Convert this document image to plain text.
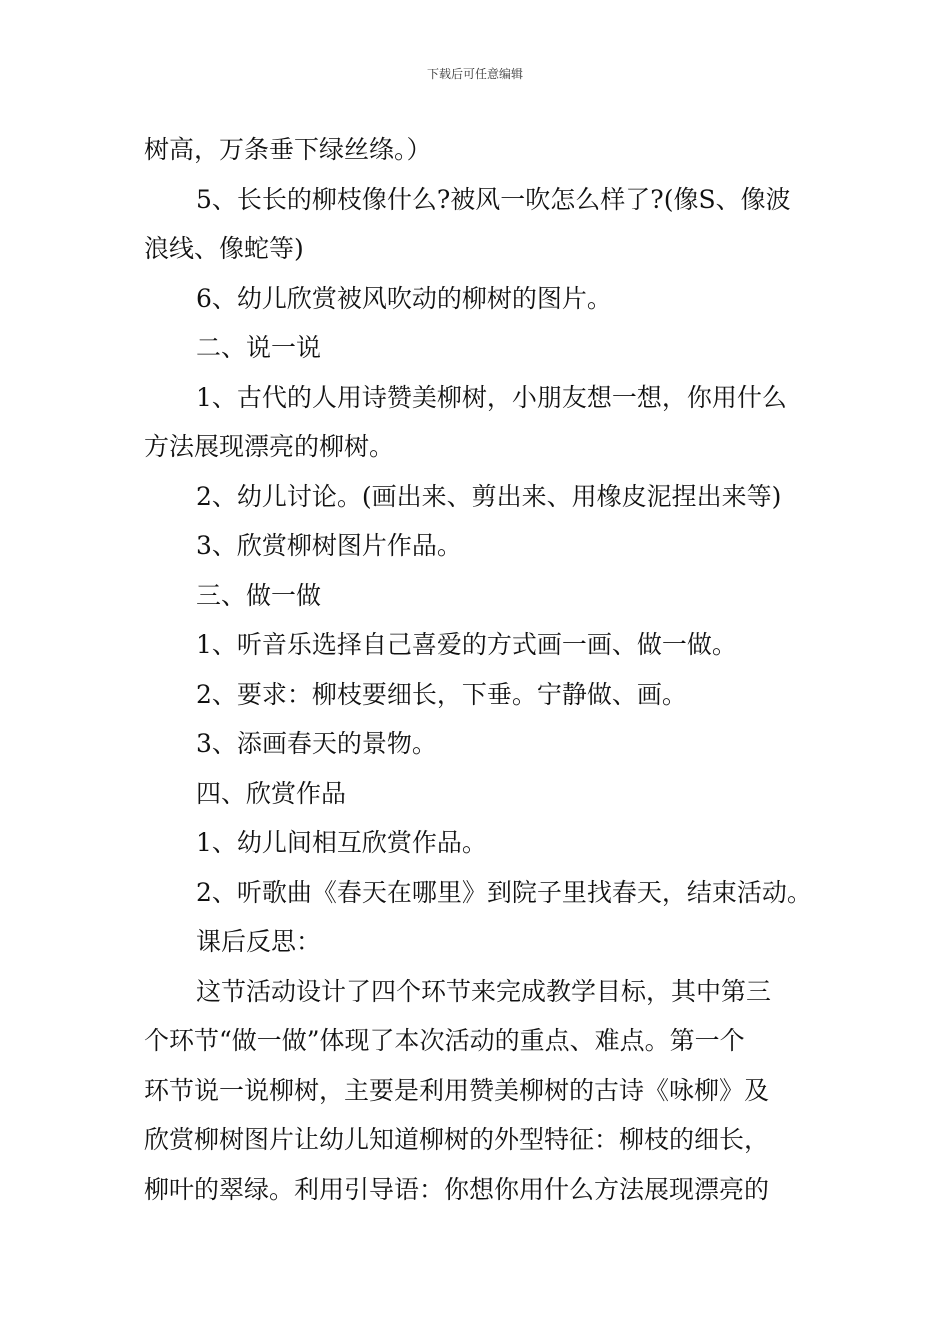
下载后可任意编辑
树高，万条垂下绿丝绦。）
5、长长的柳枝像什么?被风一吹怎么样了?(像S、像波
浪线、像蛇等)
6、幼儿欣赏被风吹动的柳树的图片。
二、说一说
1、古代的人用诗赞美柳树，小朋友想一想，你用什么
方法展现漂亮的柳树。
2、幼儿讨论。(画出来、剪出来、用橡皮泥捏出来等)
3、欣赏柳树图片作品。
三、做一做
1、听音乐选择自己喜爱的方式画一画、做一做。
2、要求：柳枝要细长，下垂。宁静做、画。
3、添画春天的景物。
四、欣赏作品
1、幼儿间相互欣赏作品。
2、听歌曲《春天在哪里》到院子里找春天，结束活动。
课后反思：
这节活动设计了四个环节来完成教学目标，其中第三
个环节“做一做”体现了本次活动的重点、难点。第一个
环节说一说柳树，主要是利用赞美柳树的古诗《咏柳》及
欣赏柳树图片让幼儿知道柳树的外型特征：柳枝的细长，
柳叶的翠绿。利用引导语：你想你用什么方法展现漂亮的
